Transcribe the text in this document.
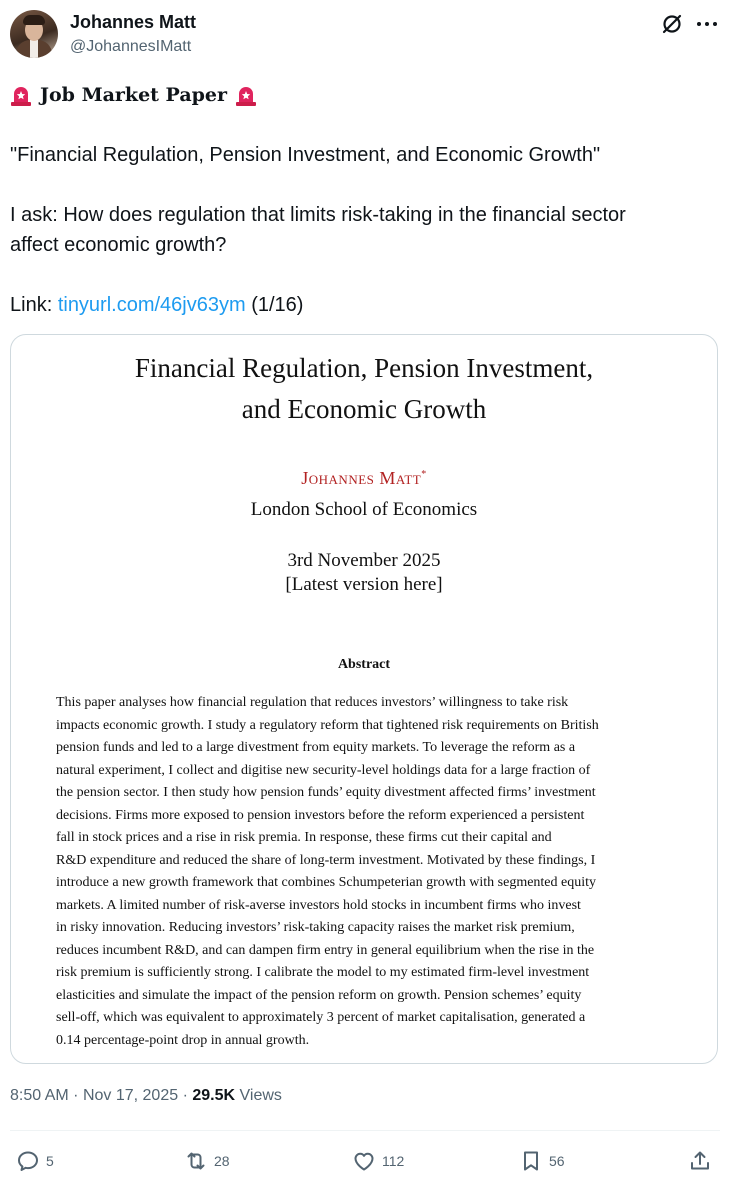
Johannes Matt
@JohannesIMatt
Job Market Paper
"Financial Regulation, Pension Investment, and Economic Growth"
I ask: How does regulation that limits risk-taking in the financial sector
affect economic growth?
Link: tinyurl.com/46jv63ym (1/16)
Financial Regulation, Pension Investment,
and Economic Growth
Johannes Matt*
London School of Economics
3rd November 2025
[Latest version here]
Abstract
This paper analyses how financial regulation that reduces investors’ willingness to take risk
impacts economic growth. I study a regulatory reform that tightened risk requirements on British
pension funds and led to a large divestment from equity markets. To leverage the reform as a
natural experiment, I collect and digitise new security-level holdings data for a large fraction of
the pension sector. I then study how pension funds’ equity divestment affected firms’ investment
decisions. Firms more exposed to pension investors before the reform experienced a persistent
fall in stock prices and a rise in risk premia. In response, these firms cut their capital and
R&D expenditure and reduced the share of long-term investment. Motivated by these findings, I
introduce a new growth framework that combines Schumpeterian growth with segmented equity
markets. A limited number of risk-averse investors hold stocks in incumbent firms who invest
in risky innovation. Reducing investors’ risk-taking capacity raises the market risk premium,
reduces incumbent R&D, and can dampen firm entry in general equilibrium when the rise in the
risk premium is sufficiently strong. I calibrate the model to my estimated firm-level investment
elasticities and simulate the impact of the pension reform on growth. Pension schemes’ equity
sell-off, which was equivalent to approximately 3 percent of market capitalisation, generated a
0.14 percentage-point drop in annual growth.
8:50 AM · Nov 17, 2025 · 29.5K Views
5	28	112	56
